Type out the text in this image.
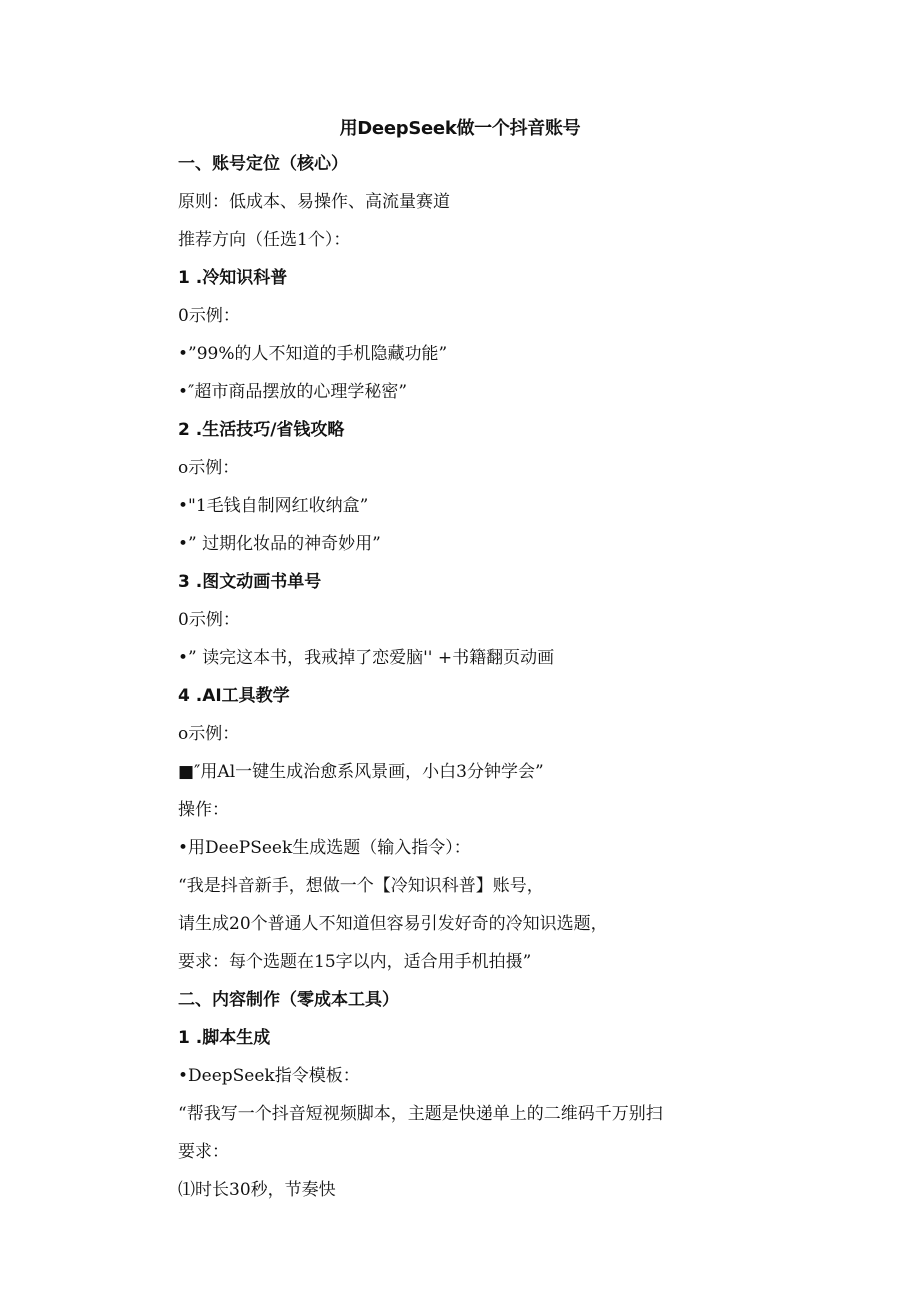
用DeepSeek做一个抖音账号
一、账号定位（核心）
原则：低成本、易操作、高流量赛道
推荐方向（任选1个）：
1 .冷知识科普
0示例：
•”99%的人不知道的手机隐藏功能”
•″超市商品摆放的心理学秘密”
2 .生活技巧/省钱攻略
o示例：
•"1毛钱自制网红收纳盒”
•” 过期化妆品的神奇妙用”
3 .图文动画书单号
0示例：
•” 读完这本书，我戒掉了恋爱脑'' +书籍翻页动画
4 .AI工具教学
o示例：
■″用Al一键生成治愈系风景画，小白3分钟学会”
操作：
•用DeePSeek生成选题（输入指令）：
“我是抖音新手，想做一个【冷知识科普】账号，
请生成20个普通人不知道但容易引发好奇的冷知识选题，
要求：每个选题在15字以内，适合用手机拍摄”
二、内容制作（零成本工具）
1 .脚本生成
•DeepSeek指令模板：
“帮我写一个抖音短视频脚本，主题是快递单上的二维码千万别扫
要求：
⑴时长30秒，节奏快
